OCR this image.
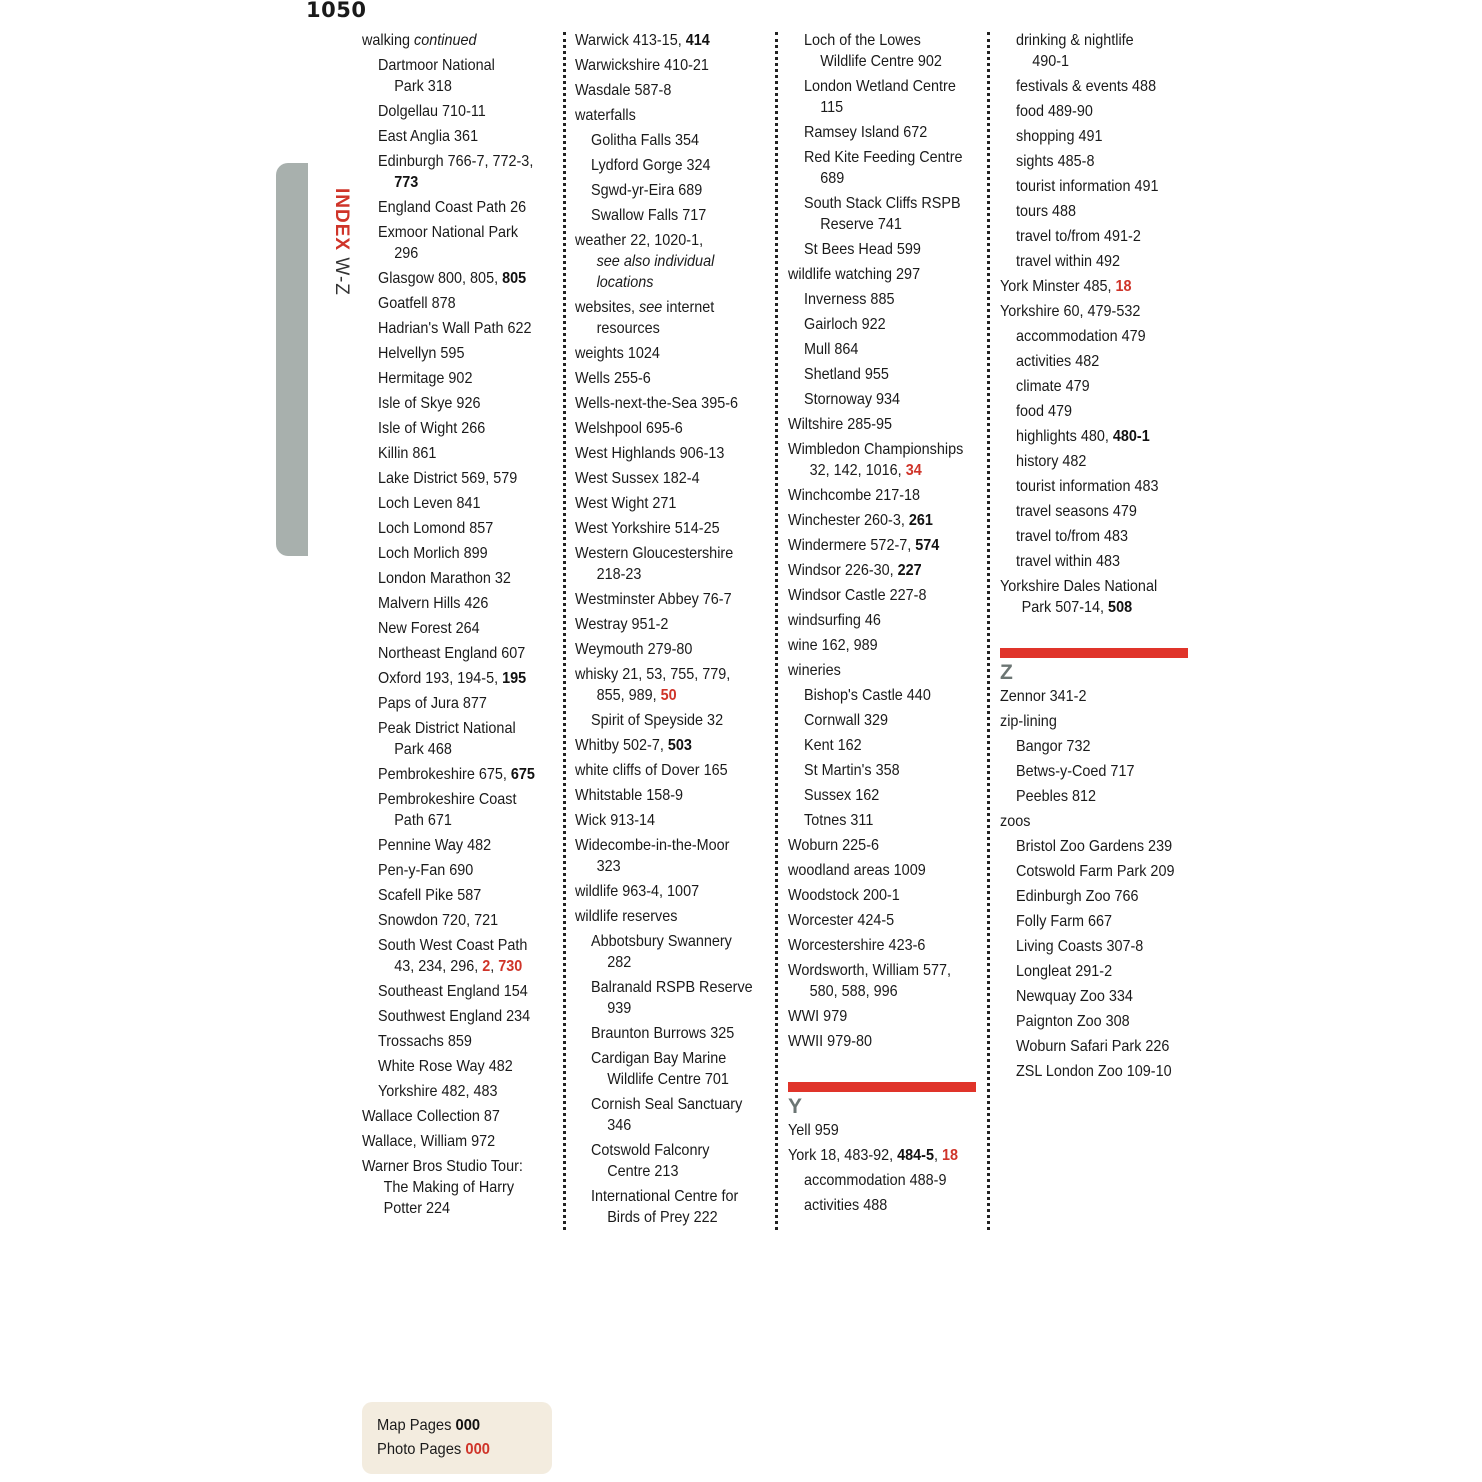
1050
INDEX W-Z
walking continued
Dartmoor National
Park 318
Dolgellau 710-11
East Anglia 361
Edinburgh 766-7, 772-3,
773
England Coast Path 26
Exmoor National Park
296
Glasgow 800, 805, 805
Goatfell 878
Hadrian's Wall Path 622
Helvellyn 595
Hermitage 902
Isle of Skye 926
Isle of Wight 266
Killin 861
Lake District 569, 579
Loch Leven 841
Loch Lomond 857
Loch Morlich 899
London Marathon 32
Malvern Hills 426
New Forest 264
Northeast England 607
Oxford 193, 194-5, 195
Paps of Jura 877
Peak District National
Park 468
Pembrokeshire 675, 675
Pembrokeshire Coast
Path 671
Pennine Way 482
Pen-y-Fan 690
Scafell Pike 587
Snowdon 720, 721
South West Coast Path
43, 234, 296, 2, 730
Southeast England 154
Southwest England 234
Trossachs 859
White Rose Way 482
Yorkshire 482, 483
Wallace Collection 87
Wallace, William 972
Warner Bros Studio Tour:
The Making of Harry
Potter 224
Warwick 413-15, 414
Warwickshire 410-21
Wasdale 587-8
waterfalls
Golitha Falls 354
Lydford Gorge 324
Sgwd-yr-Eira 689
Swallow Falls 717
weather 22, 1020-1,
see also individual
locations
websites, see internet
resources
weights 1024
Wells 255-6
Wells-next-the-Sea 395-6
Welshpool 695-6
West Highlands 906-13
West Sussex 182-4
West Wight 271
West Yorkshire 514-25
Western Gloucestershire
218-23
Westminster Abbey 76-7
Westray 951-2
Weymouth 279-80
whisky 21, 53, 755, 779,
855, 989, 50
Spirit of Speyside 32
Whitby 502-7, 503
white cliffs of Dover 165
Whitstable 158-9
Wick 913-14
Widecombe-in-the-Moor
323
wildlife 963-4, 1007
wildlife reserves
Abbotsbury Swannery
282
Balranald RSPB Reserve
939
Braunton Burrows 325
Cardigan Bay Marine
Wildlife Centre 701
Cornish Seal Sanctuary
346
Cotswold Falconry
Centre 213
International Centre for
Birds of Prey 222
Loch of the Lowes
Wildlife Centre 902
London Wetland Centre
115
Ramsey Island 672
Red Kite Feeding Centre
689
South Stack Cliffs RSPB
Reserve 741
St Bees Head 599
wildlife watching 297
Inverness 885
Gairloch 922
Mull 864
Shetland 955
Stornoway 934
Wiltshire 285-95
Wimbledon Championships
32, 142, 1016, 34
Winchcombe 217-18
Winchester 260-3, 261
Windermere 572-7, 574
Windsor 226-30, 227
Windsor Castle 227-8
windsurfing 46
wine 162, 989
wineries
Bishop's Castle 440
Cornwall 329
Kent 162
St Martin's 358
Sussex 162
Totnes 311
Woburn 225-6
woodland areas 1009
Woodstock 200-1
Worcester 424-5
Worcestershire 423-6
Wordsworth, William 577,
580, 588, 996
WWI 979
WWII 979-80
Y
Yell 959
York 18, 483-92, 484-5, 18
accommodation 488-9
activities 488
drinking & nightlife
490-1
festivals & events 488
food 489-90
shopping 491
sights 485-8
tourist information 491
tours 488
travel to/from 491-2
travel within 492
York Minster 485, 18
Yorkshire 60, 479-532
accommodation 479
activities 482
climate 479
food 479
highlights 480, 480-1
history 482
tourist information 483
travel seasons 479
travel to/from 483
travel within 483
Yorkshire Dales National
Park 507-14, 508
Z
Zennor 341-2
zip-lining
Bangor 732
Betws-y-Coed 717
Peebles 812
zoos
Bristol Zoo Gardens 239
Cotswold Farm Park 209
Edinburgh Zoo 766
Folly Farm 667
Living Coasts 307-8
Longleat 291-2
Newquay Zoo 334
Paignton Zoo 308
Woburn Safari Park 226
ZSL London Zoo 109-10
Map Pages 000
Photo Pages 000
